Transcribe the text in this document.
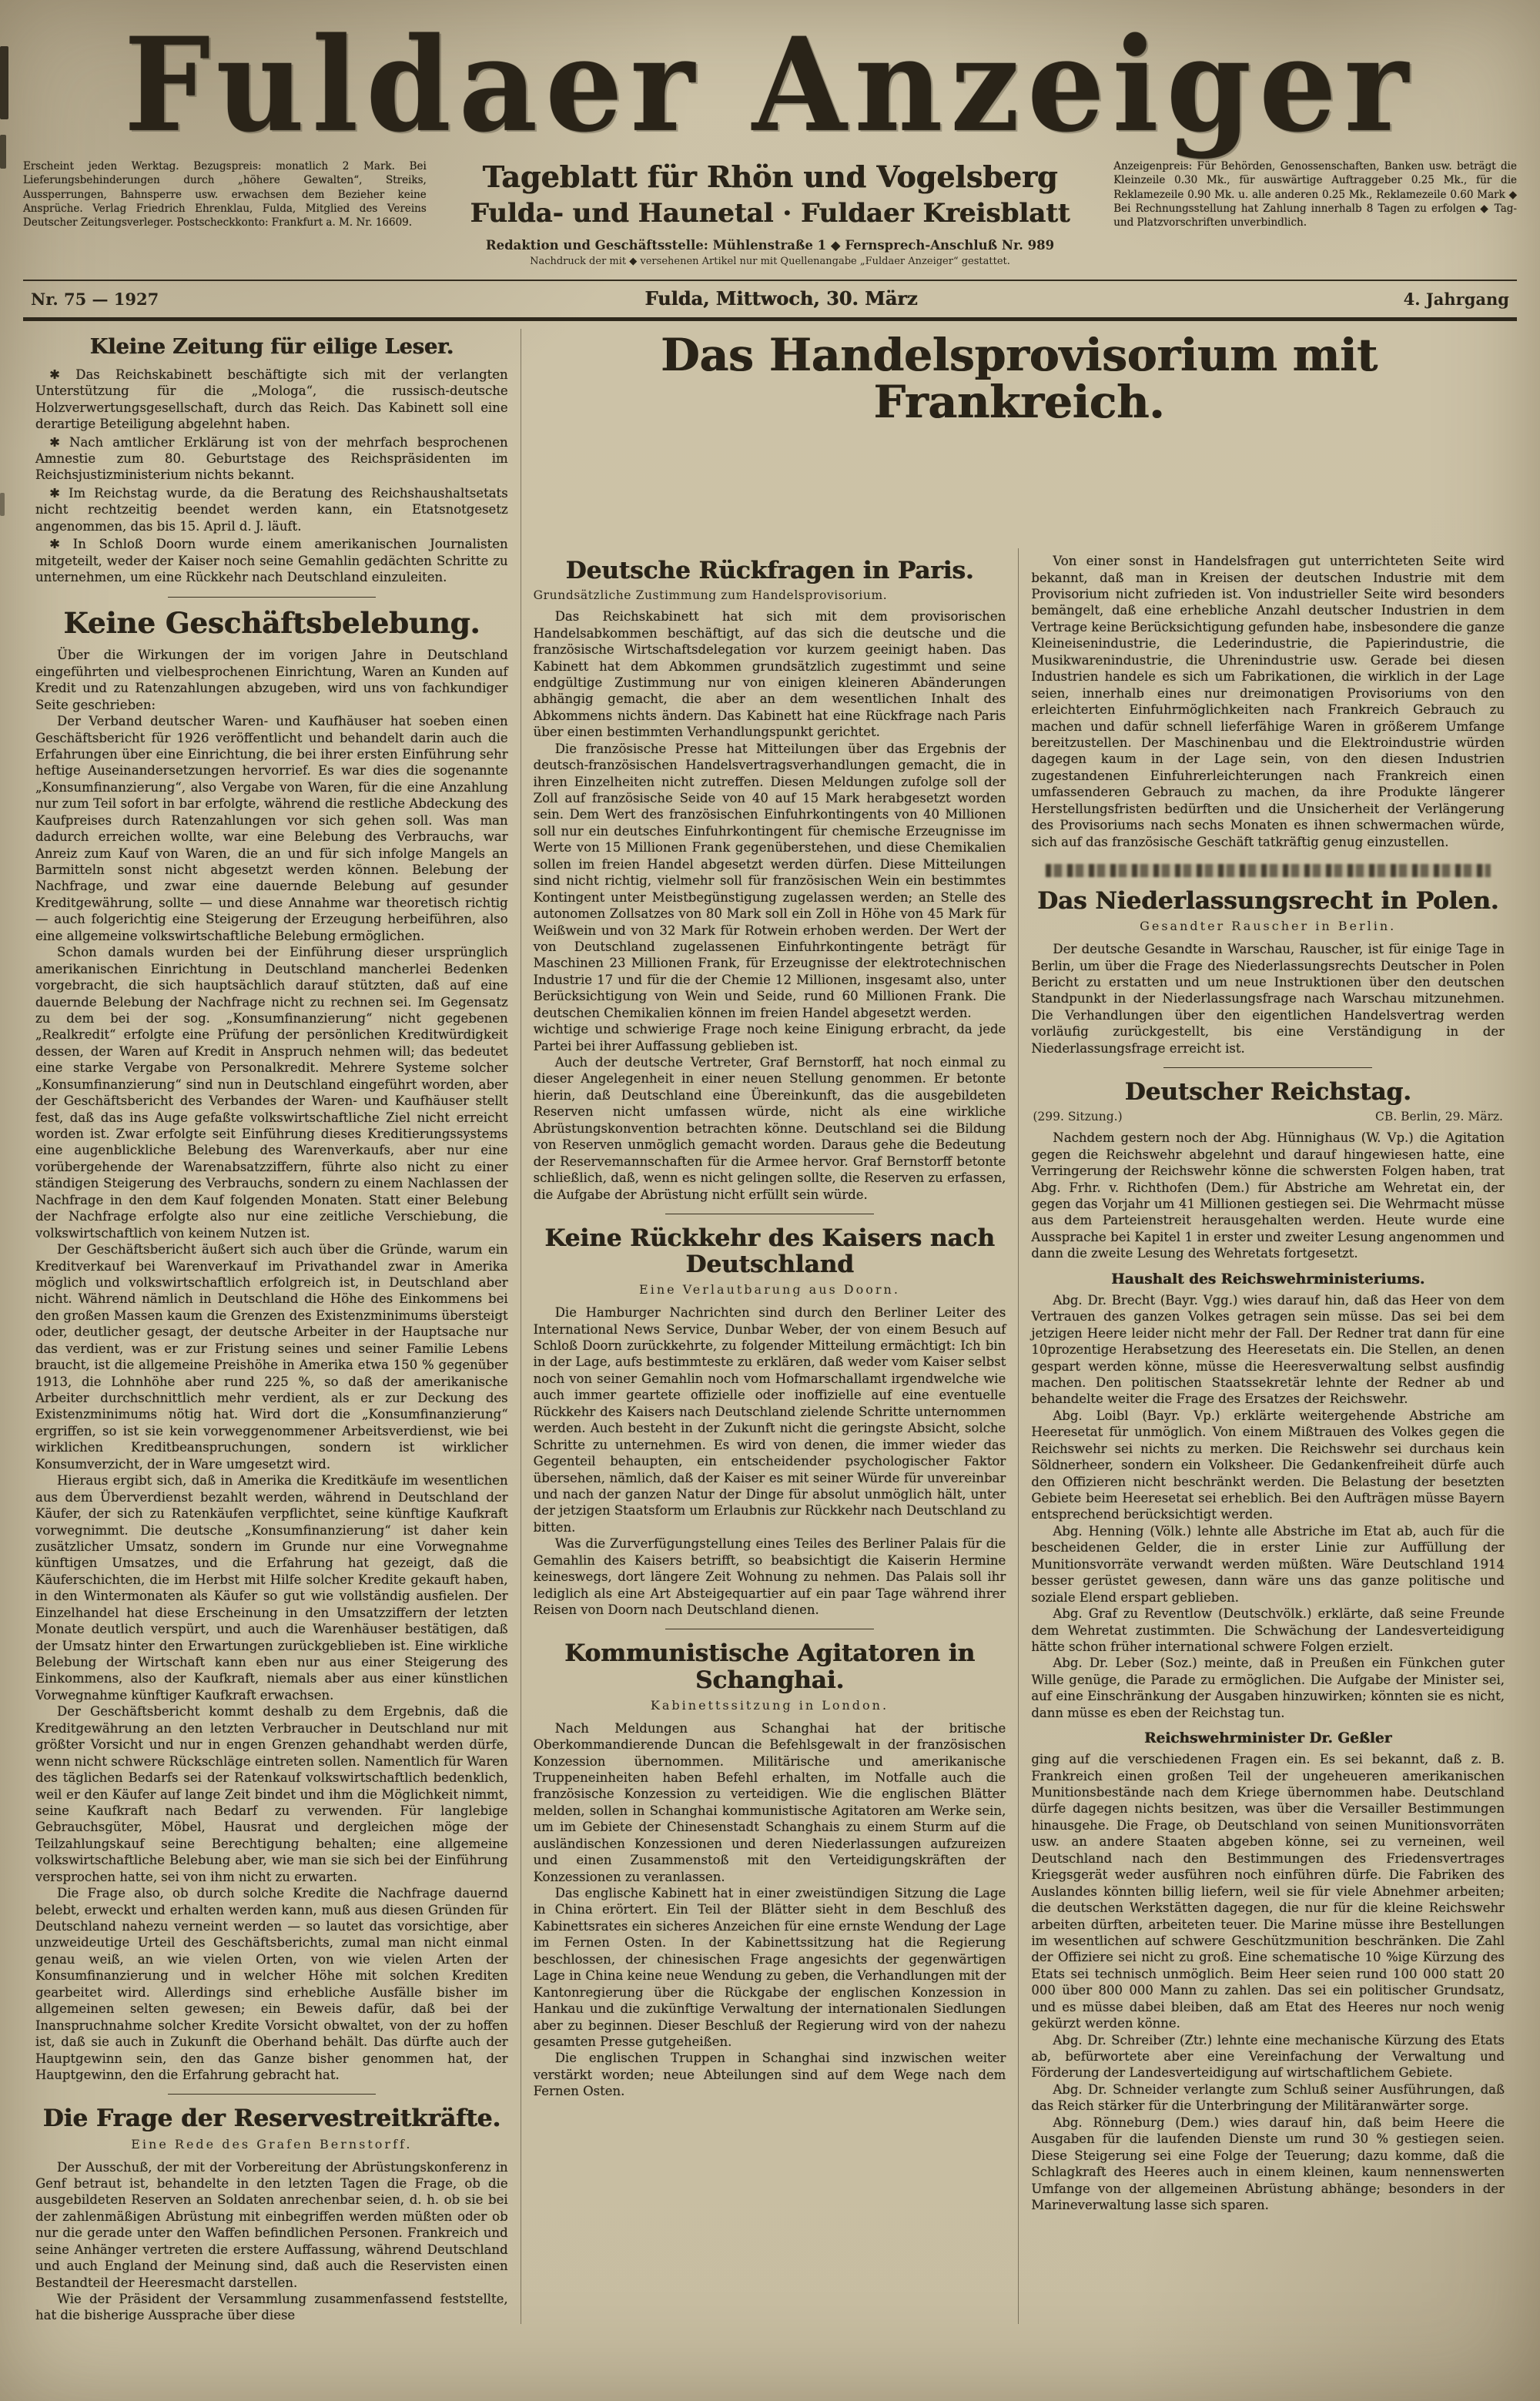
Fuldaer Anzeiger

Erscheint jeden Werktag. Bezugspreis: monatlich 2 Mark. Bei Lieferungsbehinderungen durch „höhere Gewalten“, Streiks, Aussperrungen, Bahnsperre usw. erwachsen dem Bezieher keine Ansprüche. Verlag Friedrich Ehrenklau, Fulda, Mitglied des Vereins Deutscher Zeitungsverleger. Postscheckkonto: Frankfurt a. M. Nr. 16609.

Tageblatt für Rhön und Vogelsberg
Fulda- und Haunetal · Fuldaer Kreisblatt
Redaktion und Geschäftsstelle: Mühlenstraße 1 ◆ Fernsprech-Anschluß Nr. 989
Nachdruck der mit ◆ versehenen Artikel nur mit Quellenangabe „Fuldaer Anzeiger“ gestattet.

Anzeigenpreis: Für Behörden, Genossenschaften, Banken usw. beträgt die Kleinzeile 0.30 Mk., für auswärtige Auftraggeber 0.25 Mk., für die Reklamezeile 0.90 Mk. u. alle anderen 0.25 Mk., Reklamezeile 0.60 Mark ◆ Bei Rechnungsstellung hat Zahlung innerhalb 8 Tagen zu erfolgen ◆ Tag- und Platzvorschriften unverbindlich.

Nr. 75 — 1927	Fulda, Mittwoch, 30. März	4. Jahrgang
Kleine Zeitung für eilige Leser.

✱ Das Reichskabinett beschäftigte sich mit der verlangten Unterstützung für die „Mologa“, die russisch-deutsche Holzverwertungsgesellschaft, durch das Reich. Das Kabinett soll eine derartige Beteiligung abgelehnt haben.

✱ Nach amtlicher Erklärung ist von der mehrfach besprochenen Amnestie zum 80. Geburtstage des Reichspräsidenten im Reichsjustizministerium nichts bekannt.

✱ Im Reichstag wurde, da die Beratung des Reichshaushaltsetats nicht rechtzeitig beendet werden kann, ein Etatsnotgesetz angenommen, das bis 15. April d. J. läuft.

✱ In Schloß Doorn wurde einem amerikanischen Journalisten mitgeteilt, weder der Kaiser noch seine Gemahlin gedächten Schritte zu unternehmen, um eine Rückkehr nach Deutschland einzuleiten.

Keine Geschäftsbelebung.

Über die Wirkungen der im vorigen Jahre in Deutschland eingeführten und vielbesprochenen Einrichtung, Waren an Kunden auf Kredit und zu Ratenzahlungen abzugeben, wird uns von fachkundiger Seite geschrieben:

Der Verband deutscher Waren- und Kaufhäuser hat soeben einen Geschäftsbericht für 1926 veröffentlicht und behandelt darin auch die Erfahrungen über eine Einrichtung, die bei ihrer ersten Einführung sehr heftige Auseinandersetzungen hervorrief. Es war dies die sogenannte „Konsumfinanzierung“, also Vergabe von Waren, für die eine Anzahlung nur zum Teil sofort in bar erfolgte, während die restliche Abdeckung des Kaufpreises durch Ratenzahlungen vor sich gehen soll. Was man dadurch erreichen wollte, war eine Belebung des Verbrauchs, war Anreiz zum Kauf von Waren, die an und für sich infolge Mangels an Barmitteln sonst nicht abgesetzt werden können. Belebung der Nachfrage, und zwar eine dauernde Belebung auf gesunder Kreditgewährung, sollte — und diese Annahme war theoretisch richtig — auch folgerichtig eine Steigerung der Erzeugung herbeiführen, also eine allgemeine volkswirtschaftliche Belebung ermöglichen.

Schon damals wurden bei der Einführung dieser ursprünglich amerikanischen Einrichtung in Deutschland mancherlei Bedenken vorgebracht, die sich hauptsächlich darauf stützten, daß auf eine dauernde Belebung der Nachfrage nicht zu rechnen sei. Im Gegensatz zu dem bei der sog. „Konsumfinanzierung“ nicht gegebenen „Realkredit“ erfolgte eine Prüfung der persönlichen Kreditwürdigkeit dessen, der Waren auf Kredit in Anspruch nehmen will; das bedeutet eine starke Vergabe von Personalkredit. Mehrere Systeme solcher „Konsumfinanzierung“ sind nun in Deutschland eingeführt worden, aber der Geschäftsbericht des Verbandes der Waren- und Kaufhäuser stellt fest, daß das ins Auge gefaßte volkswirtschaftliche Ziel nicht erreicht worden ist. Zwar erfolgte seit Einführung dieses Kreditierungssystems eine augenblickliche Belebung des Warenverkaufs, aber nur eine vorübergehende der Warenabsatzziffern, führte also nicht zu einer ständigen Steigerung des Verbrauchs, sondern zu einem Nachlassen der Nachfrage in den dem Kauf folgenden Monaten. Statt einer Belebung der Nachfrage erfolgte also nur eine zeitliche Verschiebung, die volkswirtschaftlich von keinem Nutzen ist.

Der Geschäftsbericht äußert sich auch über die Gründe, warum ein Kreditverkauf bei Warenverkauf im Privathandel zwar in Amerika möglich und volkswirtschaftlich erfolgreich ist, in Deutschland aber nicht. Während nämlich in Deutschland die Höhe des Einkommens bei den großen Massen kaum die Grenzen des Existenzminimums übersteigt oder, deutlicher gesagt, der deutsche Arbeiter in der Hauptsache nur das verdient, was er zur Fristung seines und seiner Familie Lebens braucht, ist die allgemeine Preishöhe in Amerika etwa 150 % gegenüber 1913, die Lohnhöhe aber rund 225 %, so daß der amerikanische Arbeiter durchschnittlich mehr verdient, als er zur Deckung des Existenzminimums nötig hat. Wird dort die „Konsumfinanzierung“ ergriffen, so ist sie kein vorweggenommener Arbeitsverdienst, wie bei wirklichen Kreditbeanspruchungen, sondern ist wirklicher Konsumverzicht, der in Ware umgesetzt wird.

Hieraus ergibt sich, daß in Amerika die Kreditkäufe im wesentlichen aus dem Überverdienst bezahlt werden, während in Deutschland der Käufer, der sich zu Ratenkäufen verpflichtet, seine künftige Kaufkraft vorwegnimmt. Die deutsche „Konsumfinanzierung“ ist daher kein zusätzlicher Umsatz, sondern im Grunde nur eine Vorwegnahme künftigen Umsatzes, und die Erfahrung hat gezeigt, daß die Käuferschichten, die im Herbst mit Hilfe solcher Kredite gekauft haben, in den Wintermonaten als Käufer so gut wie vollständig ausfielen. Der Einzelhandel hat diese Erscheinung in den Umsatzziffern der letzten Monate deutlich verspürt, und auch die Warenhäuser bestätigen, daß der Umsatz hinter den Erwartungen zurückgeblieben ist. Eine wirkliche Belebung der Wirtschaft kann eben nur aus einer Steigerung des Einkommens, also der Kaufkraft, niemals aber aus einer künstlichen Vorwegnahme künftiger Kaufkraft erwachsen.

Der Geschäftsbericht kommt deshalb zu dem Ergebnis, daß die Kreditgewährung an den letzten Verbraucher in Deutschland nur mit größter Vorsicht und nur in engen Grenzen gehandhabt werden dürfe, wenn nicht schwere Rückschläge eintreten sollen. Namentlich für Waren des täglichen Bedarfs sei der Ratenkauf volkswirtschaftlich bedenklich, weil er den Käufer auf lange Zeit bindet und ihm die Möglichkeit nimmt, seine Kaufkraft nach Bedarf zu verwenden. Für langlebige Gebrauchsgüter, Möbel, Hausrat und dergleichen möge der Teilzahlungskauf seine Berechtigung behalten; eine allgemeine volkswirtschaftliche Belebung aber, wie man sie sich bei der Einführung versprochen hatte, sei von ihm nicht zu erwarten.

Die Frage also, ob durch solche Kredite die Nachfrage dauernd belebt, erweckt und erhalten werden kann, muß aus diesen Gründen für Deutschland nahezu verneint werden — so lautet das vorsichtige, aber unzweideutige Urteil des Geschäftsberichts, zumal man nicht einmal genau weiß, an wie vielen Orten, von wie vielen Arten der Konsumfinanzierung und in welcher Höhe mit solchen Krediten gearbeitet wird. Allerdings sind erhebliche Ausfälle bisher im allgemeinen selten gewesen; ein Beweis dafür, daß bei der Inanspruchnahme solcher Kredite Vorsicht obwaltet, von der zu hoffen ist, daß sie auch in Zukunft die Oberhand behält. Das dürfte auch der Hauptgewinn sein, den das Ganze bisher genommen hat, der Hauptgewinn, den die Erfahrung gebracht hat.

Die Frage der Reservestreitkräfte.
Eine Rede des Grafen Bernstorff.

Der Ausschuß, der mit der Vorbereitung der Abrüstungskonferenz in Genf betraut ist, behandelte in den letzten Tagen die Frage, ob die ausgebildeten Reserven an Soldaten anrechenbar seien, d. h. ob sie bei der zahlenmäßigen Abrüstung mit einbegriffen werden müßten oder ob nur die gerade unter den Waffen befindlichen Personen. Frankreich und seine Anhänger vertreten die erstere Auffassung, während Deutschland und auch England der Meinung sind, daß auch die Reservisten einen Bestandteil der Heeresmacht darstellen.

Wie der Präsident der Versammlung zusammenfassend feststellte, hat die bisherige Aussprache über diese

Das Handelsprovisorium mit Frankreich.
Deutsche Rückfragen in Paris.
Grundsätzliche Zustimmung zum Handelsprovisorium.

Das Reichskabinett hat sich mit dem provisorischen Handelsabkommen beschäftigt, auf das sich die deutsche und die französische Wirtschaftsdelegation vor kurzem geeinigt haben. Das Kabinett hat dem Abkommen grundsätzlich zugestimmt und seine endgültige Zustimmung nur von einigen kleineren Abänderungen abhängig gemacht, die aber an dem wesentlichen Inhalt des Abkommens nichts ändern. Das Kabinett hat eine Rückfrage nach Paris über einen bestimmten Verhandlungspunkt gerichtet.

Die französische Presse hat Mitteilungen über das Ergebnis der deutsch-französischen Handelsvertragsverhandlungen gemacht, die in ihren Einzelheiten nicht zutreffen. Diesen Meldungen zufolge soll der Zoll auf französische Seide von 40 auf 15 Mark herabgesetzt worden sein. Dem Wert des französischen Einfuhrkontingents von 40 Millionen soll nur ein deutsches Einfuhrkontingent für chemische Erzeugnisse im Werte von 15 Millionen Frank gegenüberstehen, und diese Chemikalien sollen im freien Handel abgesetzt werden dürfen. Diese Mitteilungen sind nicht richtig, vielmehr soll für französischen Wein ein bestimmtes Kontingent unter Meistbegünstigung zugelassen werden; an Stelle des autonomen Zollsatzes von 80 Mark soll ein Zoll in Höhe von 45 Mark für Weißwein und von 32 Mark für Rotwein erhoben werden. Der Wert der von Deutschland zugelassenen Einfuhrkontingente beträgt für Maschinen 23 Millionen Frank, für Erzeugnisse der elektrotechnischen Industrie 17 und für die der Chemie 12 Millionen, insgesamt also, unter Berücksichtigung von Wein und Seide, rund 60 Millionen Frank. Die deutschen Chemikalien können im freien Handel abgesetzt werden.

wichtige und schwierige Frage noch keine Einigung erbracht, da jede Partei bei ihrer Auffassung geblieben ist.

Auch der deutsche Vertreter, Graf Bernstorff, hat noch einmal zu dieser Angelegenheit in einer neuen Stellung genommen. Er betonte hierin, daß Deutschland eine Übereinkunft, das die ausgebildeten Reserven nicht umfassen würde, nicht als eine wirkliche Abrüstungskonvention betrachten könne. Deutschland sei die Bildung von Reserven unmöglich gemacht worden. Daraus gehe die Bedeutung der Reservemannschaften für die Armee hervor. Graf Bernstorff betonte schließlich, daß, wenn es nicht gelingen sollte, die Reserven zu erfassen, die Aufgabe der Abrüstung nicht erfüllt sein würde.

Keine Rückkehr des Kaisers nach Deutschland
Eine Verlautbarung aus Doorn.

Die Hamburger Nachrichten sind durch den Berliner Leiter des International News Service, Dunbar Weber, der von einem Besuch auf Schloß Doorn zurückkehrte, zu folgender Mitteilung ermächtigt: Ich bin in der Lage, aufs bestimmteste zu erklären, daß weder vom Kaiser selbst noch von seiner Gemahlin noch vom Hofmarschallamt irgendwelche wie auch immer geartete offizielle oder inoffizielle auf eine eventuelle Rückkehr des Kaisers nach Deutschland zielende Schritte unternommen werden. Auch besteht in der Zukunft nicht die geringste Absicht, solche Schritte zu unternehmen. Es wird von denen, die immer wieder das Gegenteil behaupten, ein entscheidender psychologischer Faktor übersehen, nämlich, daß der Kaiser es mit seiner Würde für unvereinbar und nach der ganzen Natur der Dinge für absolut unmöglich hält, unter der jetzigen Staatsform um Erlaubnis zur Rückkehr nach Deutschland zu bitten.

Was die Zurverfügungstellung eines Teiles des Berliner Palais für die Gemahlin des Kaisers betrifft, so beabsichtigt die Kaiserin Hermine keineswegs, dort längere Zeit Wohnung zu nehmen. Das Palais soll ihr lediglich als eine Art Absteigequartier auf ein paar Tage während ihrer Reisen von Doorn nach Deutschland dienen.

Kommunistische Agitatoren in Schanghai.
Kabinettssitzung in London.

Nach Meldungen aus Schanghai hat der britische Oberkommandierende Duncan die Befehlsgewalt in der französischen Konzession übernommen. Militärische und amerikanische Truppeneinheiten haben Befehl erhalten, im Notfalle auch die französische Konzession zu verteidigen. Wie die englischen Blätter melden, sollen in Schanghai kommunistische Agitatoren am Werke sein, um im Gebiete der Chinesenstadt Schanghais zu einem Sturm auf die ausländischen Konzessionen und deren Niederlassungen aufzureizen und einen Zusammenstoß mit den Verteidigungskräften der Konzessionen zu veranlassen.

Das englische Kabinett hat in einer zweistündigen Sitzung die Lage in China erörtert. Ein Teil der Blätter sieht in dem Beschluß des Kabinettsrates ein sicheres Anzeichen für eine ernste Wendung der Lage im Fernen Osten. In der Kabinettssitzung hat die Regierung beschlossen, der chinesischen Frage angesichts der gegenwärtigen Lage in China keine neue Wendung zu geben, die Verhandlungen mit der Kantonregierung über die Rückgabe der englischen Konzession in Hankau und die zukünftige Verwaltung der internationalen Siedlungen aber zu beginnen. Dieser Beschluß der Regierung wird von der nahezu gesamten Presse gutgeheißen.

Die englischen Truppen in Schanghai sind inzwischen weiter verstärkt worden; neue Abteilungen sind auf dem Wege nach dem Fernen Osten.

Von einer sonst in Handelsfragen gut unterrichteten Seite wird bekannt, daß man in Kreisen der deutschen Industrie mit dem Provisorium nicht zufrieden ist. Von industrieller Seite wird besonders bemängelt, daß eine erhebliche Anzahl deutscher Industrien in dem Vertrage keine Berücksichtigung gefunden habe, insbesondere die ganze Kleineisenindustrie, die Lederindustrie, die Papierindustrie, die Musikwarenindustrie, die Uhrenindustrie usw. Gerade bei diesen Industrien handele es sich um Fabrikationen, die wirklich in der Lage seien, innerhalb eines nur dreimonatigen Provisoriums von den erleichterten Einfuhrmöglichkeiten nach Frankreich Gebrauch zu machen und dafür schnell lieferfähige Waren in größerem Umfange bereitzustellen. Der Maschinenbau und die Elektroindustrie würden dagegen kaum in der Lage sein, von den diesen Industrien zugestandenen Einfuhrerleichterungen nach Frankreich einen umfassenderen Gebrauch zu machen, da ihre Produkte längerer Herstellungsfristen bedürften und die Unsicherheit der Verlängerung des Provisoriums nach sechs Monaten es ihnen schwermachen würde, sich auf das französische Geschäft tatkräftig genug einzustellen.

Das Niederlassungsrecht in Polen.
Gesandter Rauscher in Berlin.

Der deutsche Gesandte in Warschau, Rauscher, ist für einige Tage in Berlin, um über die Frage des Niederlassungsrechts Deutscher in Polen Bericht zu erstatten und um neue Instruktionen über den deutschen Standpunkt in der Niederlassungsfrage nach Warschau mitzunehmen. Die Verhandlungen über den eigentlichen Handelsvertrag werden vorläufig zurückgestellt, bis eine Verständigung in der Niederlassungsfrage erreicht ist.

Deutscher Reichstag.
(299. Sitzung.)	CB. Berlin, 29. März.

Nachdem gestern noch der Abg. Hünnighaus (W. Vp.) die Agitation gegen die Reichswehr abgelehnt und darauf hingewiesen hatte, eine Verringerung der Reichswehr könne die schwersten Folgen haben, trat Abg. Frhr. v. Richthofen (Dem.) für Abstriche am Wehretat ein, der gegen das Vorjahr um 41 Millionen gestiegen sei. Die Wehrmacht müsse aus dem Parteienstreit herausgehalten werden. Heute wurde eine Aussprache bei Kapitel 1 in erster und zweiter Lesung angenommen und dann die zweite Lesung des Wehretats fortgesetzt.

Haushalt des Reichswehrministeriums.

Abg. Dr. Brecht (Bayr. Vgg.) wies darauf hin, daß das Heer von dem Vertrauen des ganzen Volkes getragen sein müsse. Das sei bei dem jetzigen Heere leider nicht mehr der Fall. Der Redner trat dann für eine 10prozentige Herabsetzung des Heeresetats ein. Die Stellen, an denen gespart werden könne, müsse die Heeresverwaltung selbst ausfindig machen. Den politischen Staatssekretär lehnte der Redner ab und behandelte weiter die Frage des Ersatzes der Reichswehr.

Abg. Loibl (Bayr. Vp.) erklärte weitergehende Abstriche am Heeresetat für unmöglich. Von einem Mißtrauen des Volkes gegen die Reichswehr sei nichts zu merken. Die Reichswehr sei durchaus kein Söldnerheer, sondern ein Volksheer. Die Gedankenfreiheit dürfe auch den Offizieren nicht beschränkt werden. Die Belastung der besetzten Gebiete beim Heeresetat sei erheblich. Bei den Aufträgen müsse Bayern entsprechend berücksichtigt werden.

Abg. Henning (Völk.) lehnte alle Abstriche im Etat ab, auch für die bescheidenen Gelder, die in erster Linie zur Auffüllung der Munitionsvorräte verwandt werden müßten. Wäre Deutschland 1914 besser gerüstet gewesen, dann wäre uns das ganze politische und soziale Elend erspart geblieben.

Abg. Graf zu Reventlow (Deutschvölk.) erklärte, daß seine Freunde dem Wehretat zustimmten. Die Schwächung der Landesverteidigung hätte schon früher international schwere Folgen erzielt.

Abg. Dr. Leber (Soz.) meinte, daß in Preußen ein Fünkchen guter Wille genüge, die Parade zu ermöglichen. Die Aufgabe der Minister sei, auf eine Einschränkung der Ausgaben hinzuwirken; könnten sie es nicht, dann müsse es eben der Reichstag tun.

Reichswehrminister Dr. Geßler

ging auf die verschiedenen Fragen ein. Es sei bekannt, daß z. B. Frankreich einen großen Teil der ungeheueren amerikanischen Munitionsbestände nach dem Kriege übernommen habe. Deutschland dürfe dagegen nichts besitzen, was über die Versailler Bestimmungen hinausgehe. Die Frage, ob Deutschland von seinen Munitionsvorräten usw. an andere Staaten abgeben könne, sei zu verneinen, weil Deutschland nach den Bestimmungen des Friedensvertrages Kriegsgerät weder ausführen noch einführen dürfe. Die Fabriken des Auslandes könnten billig liefern, weil sie für viele Abnehmer arbeiten; die deutschen Werkstätten dagegen, die nur für die kleine Reichswehr arbeiten dürften, arbeiteten teuer. Die Marine müsse ihre Bestellungen im wesentlichen auf schwere Geschützmunition beschränken. Die Zahl der Offiziere sei nicht zu groß. Eine schematische 10 %ige Kürzung des Etats sei technisch unmöglich. Beim Heer seien rund 100 000 statt 20 000 über 800 000 Mann zu zahlen. Das sei ein politischer Grundsatz, und es müsse dabei bleiben, daß am Etat des Heeres nur noch wenig gekürzt werden könne.

Abg. Dr. Schreiber (Ztr.) lehnte eine mechanische Kürzung des Etats ab, befürwortete aber eine Vereinfachung der Verwaltung und Förderung der Landesverteidigung auf wirtschaftlichem Gebiete.

Abg. Dr. Schneider verlangte zum Schluß seiner Ausführungen, daß das Reich stärker für die Unterbringung der Militäranwärter sorge.

Abg. Rönneburg (Dem.) wies darauf hin, daß beim Heere die Ausgaben für die laufenden Dienste um rund 30 % gestiegen seien. Diese Steigerung sei eine Folge der Teuerung; dazu komme, daß die Schlagkraft des Heeres auch in einem kleinen, kaum nennenswerten Umfange von der allgemeinen Abrüstung abhänge; besonders in der Marineverwaltung lasse sich sparen.
